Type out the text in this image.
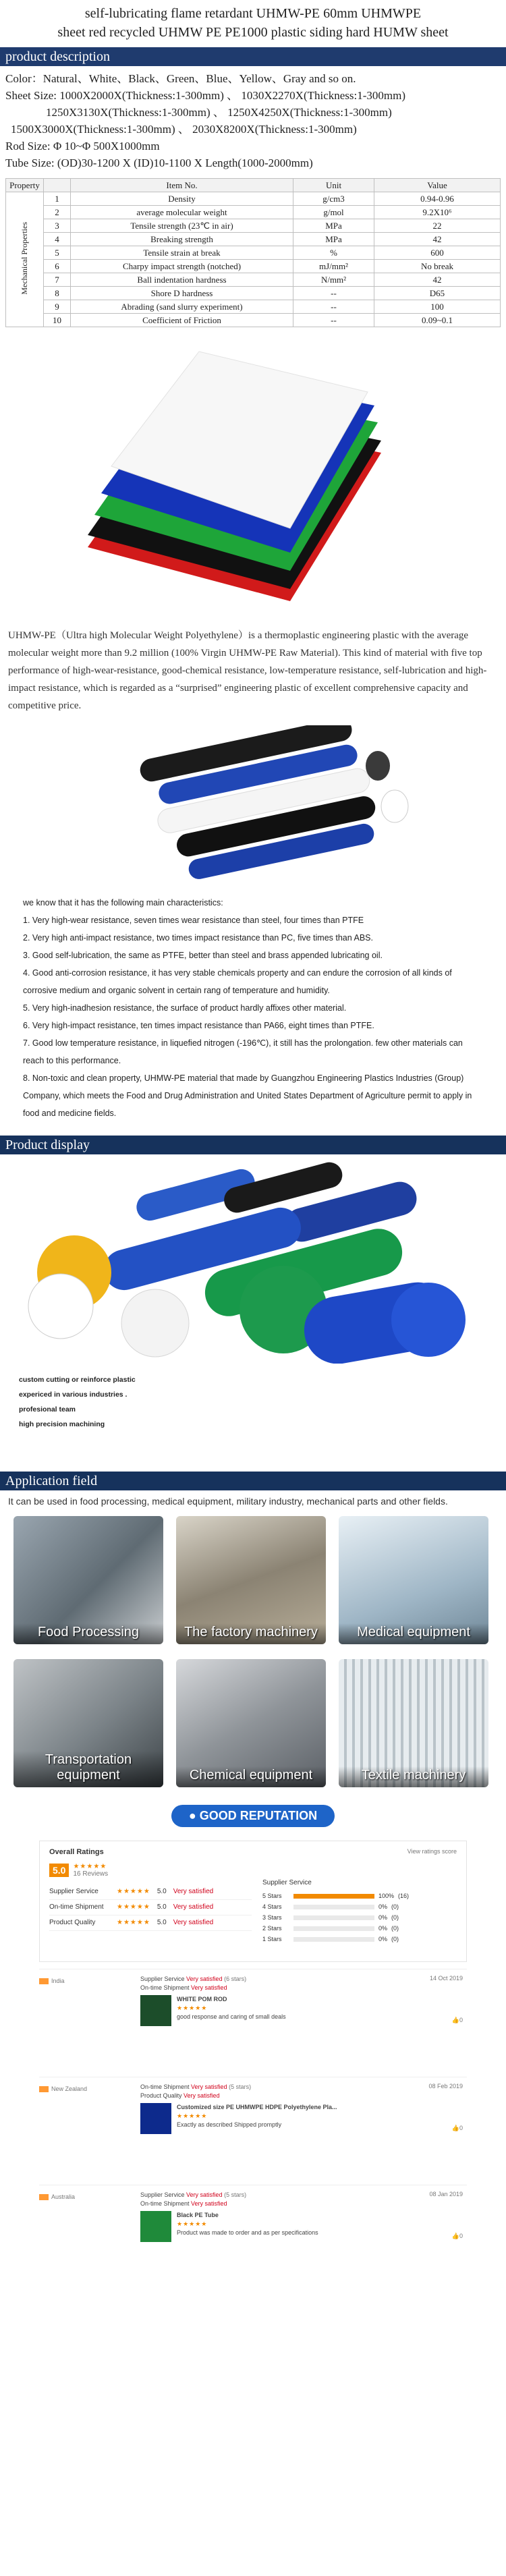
self-lubricating flame retardant UHMW-PE 60mm UHMWPE
sheet red recycled UHMW PE PE1000 plastic siding hard HUMW sheet
product description
Color：Natural、White、Black、Green、Blue、Yellow、Gray and so on.
Sheet Size: 1000X2000X(Thickness:1-300mm) 、 1030X2270X(Thickness:1-300mm)
1250X3130X(Thickness:1-300mm) 、 1250X4250X(Thickness:1-300mm)
1500X3000X(Thickness:1-300mm) 、 2030X8200X(Thickness:1-300mm)
Rod Size: Φ 10~Φ 500X1000mm
Tube Size: (OD)30-1200 X (ID)10-1100 X Length(1000-2000mm)
Property		Item No.	Unit	Value
Mechanical Properties	1	Density	g/cm3	0.94-0.96
	2	average molecular weight	g/mol	9.2X10⁶
	3	Tensile strength (23℃ in air)	MPa	22
	4	Breaking strength	MPa	42
	5	Tensile strain at break	%	600
	6	Charpy impact strength (notched)	mJ/mm²	No break
	7	Ball indentation hardness	N/mm²	42
	8	Shore D hardness	--	D65
	9	Abrading (sand slurry experiment)	--	100
	10	Coefficient of Friction	--	0.09~0.1

UHMW-PE（Ultra high Molecular Weight Polyethylene）is a thermoplastic engineering plastic with the average molecular weight more than 9.2 million (100% Virgin UHMW-PE Raw Material). This kind of material with five top performance of high-wear-resistance, good-chemical resistance, low-temperature resistance, self-lubrication and high-impact resistance, which is regarded as a “surprised” engineering plastic of excellent comprehensive capacity and competitive price.

we know that it has the following main characteristics:
1. Very high-wear resistance, seven times wear resistance than steel, four times than PTFE
2. Very high anti-impact resistance, two times impact resistance than PC, five times than ABS.
3. Good self-lubrication, the same as PTFE, better than steel and brass appended lubricating oil.
4. Good anti-corrosion resistance, it has very stable chemicals property and can endure the corrosion of all kinds of corrosive medium and organic solvent in certain rang of temperature and humidity.
5. Very high-inadhesion resistance, the surface of product hardly affixes other material.
6. Very high-impact resistance, ten times impact resistance than PA66, eight times than PTFE.
7. Good low temperature resistance, in liquefied nitrogen (-196℃), it still has the prolongation. few other materials can reach to this performance.
8. Non-toxic and clean property, UHMW-PE material that made by Guangzhou Engineering Plastics Industries (Group) Company, which meets the Food and Drug Administration and United States Department of Agriculture permit to apply in food and medicine fields.
Product display
custom cutting or reinforce plastic
expericed in various industries .
profesional team
high precision machining
Application field
It can be used in food processing, medical equipment, military industry, mechanical parts and other fields.
Food Processing	The factory machinery	Medical equipment
Transportation equipment	Chemical equipment	Textile machinery
● GOOD REPUTATION
Overall Ratings	View ratings score
5.0	★★★★★
16 Reviews
Supplier Service	★★★★★ 5.0 Very satisfied
On-time Shipment	★★★★★ 5.0 Very satisfied
Product Quality	★★★★★ 5.0 Very satisfied
Supplier Service
5 Stars	100% (16)
4 Stars	0% (0)
3 Stars	0% (0)
2 Stars	0% (0)
1 Stars	0% (0)
India	Supplier Service Very satisfied (6 stars)
On-time Shipment Very satisfied
WHITE POM ROD
★★★★★
good response and caring of small deals
14 Oct 2019
👍0
New Zealand	On-time Shipment Very satisfied (5 stars)
Product Quality Very satisfied
Customized size PE UHMWPE HDPE Polyethylene Pla...
★★★★★
Exactly as described Shipped promptly
08 Feb 2019
👍0
Australia	Supplier Service Very satisfied (5 stars)
On-time Shipment Very satisfied
Black PE Tube
★★★★★
Product was made to order and as per specifications
08 Jan 2019
👍0
